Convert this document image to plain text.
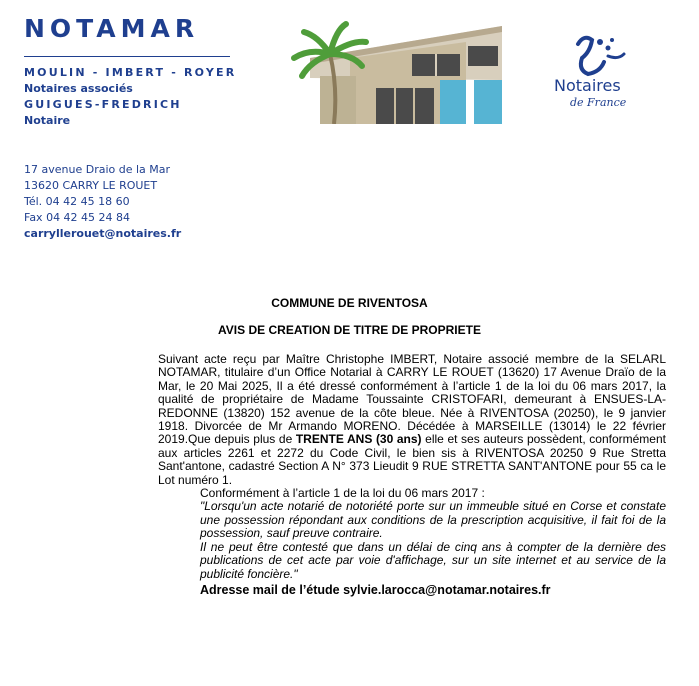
NOTAMAR
MOULIN - IMBERT - ROYER
Notaires associés
GUIGUES-FREDRICH
Notaire
17 avenue Draio de la Mar
13620 CARRY LE ROUET
Tél. 04 42 45 18 60
Fax 04 42 45 24 84
carryllerouet@notaires.fr
Notaires
de France
COMMUNE DE RIVENTOSA
AVIS DE CREATION DE TITRE DE PROPRIETE

Suivant acte reçu par Maître Christophe IMBERT, Notaire associé membre de la SELARL NOTAMAR, titulaire d’un Office Notarial à CARRY LE ROUET (13620) 17 Avenue Draïo de la Mar, le 20 Mai 2025, Il a été dressé conformément à l’article 1 de la loi du 06 mars 2017, la qualité de propriétaire de Madame Toussainte CRISTOFARI, demeurant à ENSUES-LA-REDONNE (13820) 152 avenue de la côte bleue. Née à RIVENTOSA (20250), le 9 janvier 1918. Divorcée de Mr Armando MORENO. Décédée à MARSEILLE (13014) le 22 février 2019.Que depuis plus de TRENTE ANS (30 ans) elle et ses auteurs possèdent, conformément aux articles 2261 et 2272 du Code Civil, le bien sis à RIVENTOSA 20250 9 Rue Stretta Sant'antone, cadastré Section A N° 373 Lieudit 9 RUE STRETTA SANT'ANTONE pour 55 ca le Lot numéro 1.

Conformément à l’article 1 de la loi du 06 mars 2017 :

"Lorsqu'un acte notarié de notoriété porte sur un immeuble situé en Corse et constate une possession répondant aux conditions de la prescription acquisitive, il fait foi de la possession, sauf preuve contraire.

Il ne peut être contesté que dans un délai de cinq ans à compter de la dernière des publications de cet acte par voie d'affichage, sur un site internet et au service de la publicité foncière."

Adresse mail de l’étude sylvie.larocca@notamar.notaires.fr
